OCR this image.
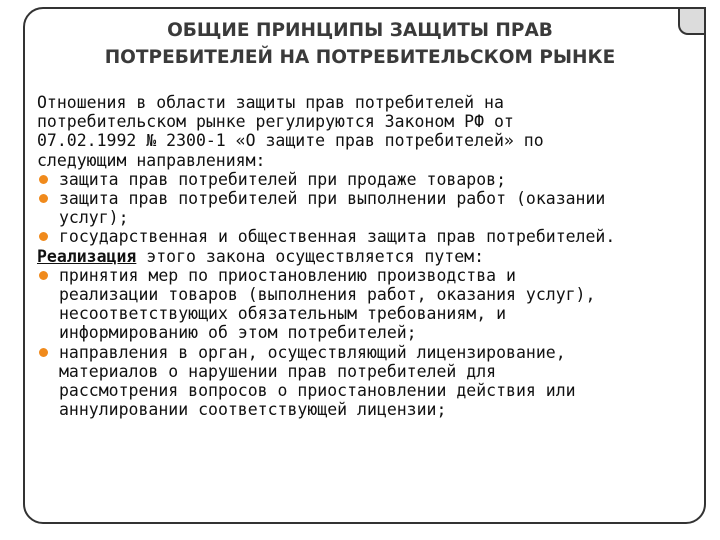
ОБЩИЕ ПРИНЦИПЫ ЗАЩИТЫ ПРАВ
ПОТРЕБИТЕЛЕЙ НА ПОТРЕБИТЕЛЬСКОМ РЫНКЕ

Отношения в области защиты прав потребителей на
потребительском рынке регулируются Законом РФ от
07.02.1992 № 2300-1 «О защите прав потребителей» по
следующим направлениям:

защита прав потребителей при продаже товаров;
защита прав потребителей при выполнении работ (оказании
услуг);
государственная и общественная защита прав потребителей.

Реализация этого закона осуществляется путем:

принятия мер по приостановлению производства и
реализации товаров (выполнения работ, оказания услуг),
несоответствующих обязательным требованиям, и
информированию об этом потребителей;
направления в орган, осуществляющий лицензирование,
материалов о нарушении прав потребителей для
рассмотрения вопросов о приостановлении действия или
аннулировании соответствующей лицензии;
